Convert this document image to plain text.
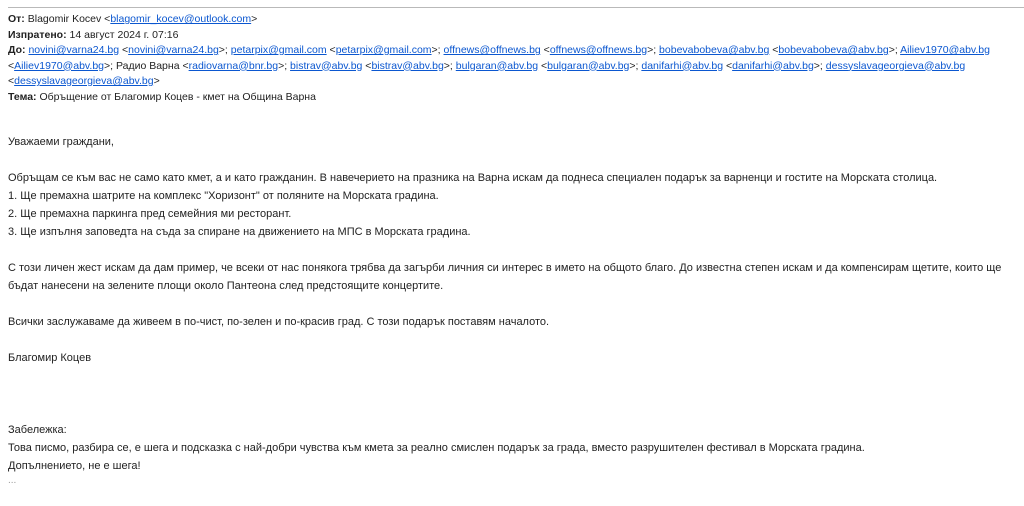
От: Blagomir Kocev <blagomir_kocev@outlook.com>
Изпратено: 14 август 2024 г. 07:16
До: novini@varna24.bg <novini@varna24.bg>; petarpix@gmail.com <petarpix@gmail.com>; offnews@offnews.bg <offnews@offnews.bg>; bobevabobeva@abv.bg <bobevabobeva@abv.bg>; Ailiev1970@abv.bg <Ailiev1970@abv.bg>; Радио Варна <radiovarna@bnr.bg>; bistrav@abv.bg <bistrav@abv.bg>; bulgaran@abv.bg <bulgaran@abv.bg>; danifarhi@abv.bg <danifarhi@abv.bg>; dessyslavageorgieva@abv.bg <dessyslavageorgieva@abv.bg>
Тема: Обръщение от Благомир Коцев - кмет на Община Варна

Уважаеми граждани,

Обръщам се към вас не само като кмет, а и като гражданин. В навечерието на празника на Варна искам да поднеса специален подарък за варненци и гостите на Морската столица.

1. Ще премахна шатрите на комплекс "Хоризонт" от поляните на Морската градина.

2. Ще премахна паркинга пред семейния ми ресторант.

3. Ще изпълня заповедта на съда за спиране на движението на МПС в Морската градина.

С този личен жест искам да дам пример, че всеки от нас понякога трябва да загърби личния си интерес в името на общото благо. До известна степен искам и да компенсирам щетите, които ще бъдат нанесени на зелените площи около Пантеона след предстоящите концертите.

Всички заслужаваме да живеем в по-чист, по-зелен и по-красив град. С този подарък поставям началото.

Благомир Коцев

Забележка:

Това писмо, разбира се, е шега и подсказка с най-добри чувства към кмета за реално смислен подарък за града, вместо разрушителен фестивал в Морската градина.

Допълнението, не е шега!

...
